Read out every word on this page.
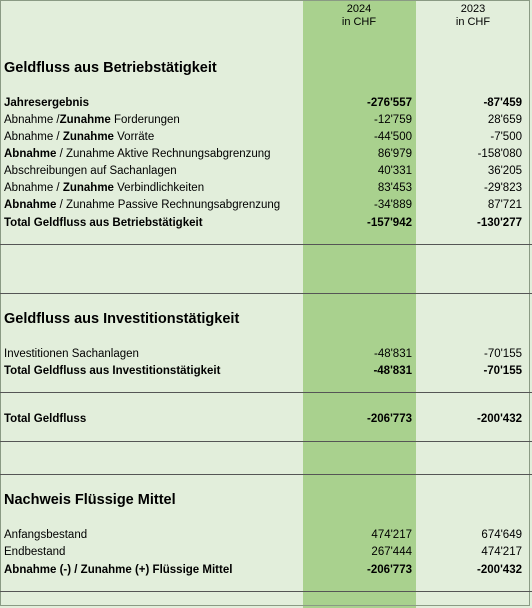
2024
in CHF
2023
in CHF
Geldfluss aus Betriebstätigkeit
Jahresergebnis	-276'557	-87'459
Abnahme /Zunahme Forderungen	-12'759	28'659
Abnahme / Zunahme Vorräte	-44'500	-7'500
Abnahme / Zunahme Aktive Rechnungsabgrenzung	86'979	-158'080
Abschreibungen auf Sachanlagen	40'331	36'205
Abnahme / Zunahme Verbindlichkeiten	83'453	-29'823
Abnahme / Zunahme Passive Rechnungsabgrenzung	-34'889	87'721
Total Geldfluss aus Betriebstätigkeit	-157'942	-130'277
Geldfluss aus Investitionstätigkeit
Investitionen Sachanlagen	-48'831	-70'155
Total Geldfluss aus Investitionstätigkeit	-48'831	-70'155
Total Geldfluss	-206'773	-200'432
Nachweis Flüssige Mittel
Anfangsbestand	474'217	674'649
Endbestand	267'444	474'217
Abnahme (-) / Zunahme (+) Flüssige Mittel	-206'773	-200'432
